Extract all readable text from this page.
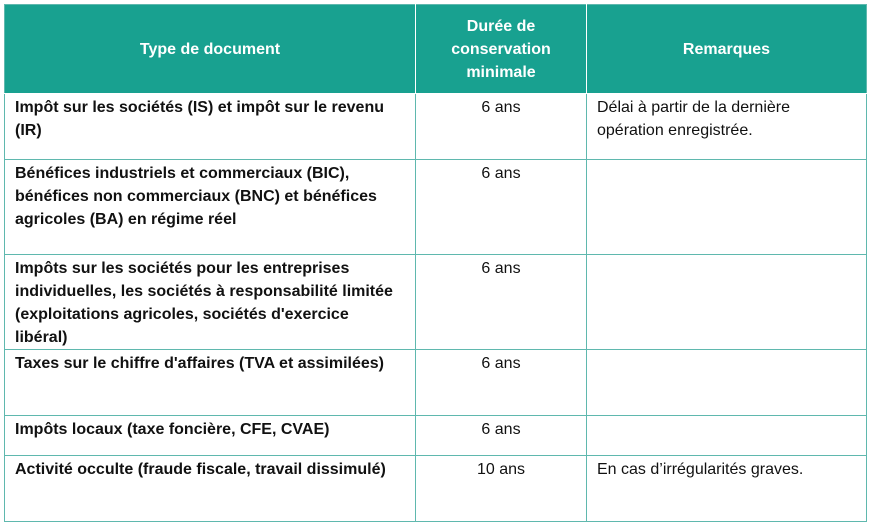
Type de document	Durée de conservation minimale	Remarques
Impôt sur les sociétés (IS) et impôt sur le revenu (IR)	6 ans	Délai à partir de la dernière opération enregistrée.
Bénéfices industriels et commerciaux (BIC), bénéfices non commerciaux (BNC) et bénéfices agricoles (BA) en régime réel	6 ans	
Impôts sur les sociétés pour les entreprises individuelles, les sociétés à responsabilité limitée (exploitations agricoles, sociétés d'exercice libéral)	6 ans	
Taxes sur le chiffre d'affaires (TVA et assimilées)	6 ans	
Impôts locaux (taxe foncière, CFE, CVAE)	6 ans	
Activité occulte (fraude fiscale, travail dissimulé)	10 ans	En cas d’irrégularités graves.
